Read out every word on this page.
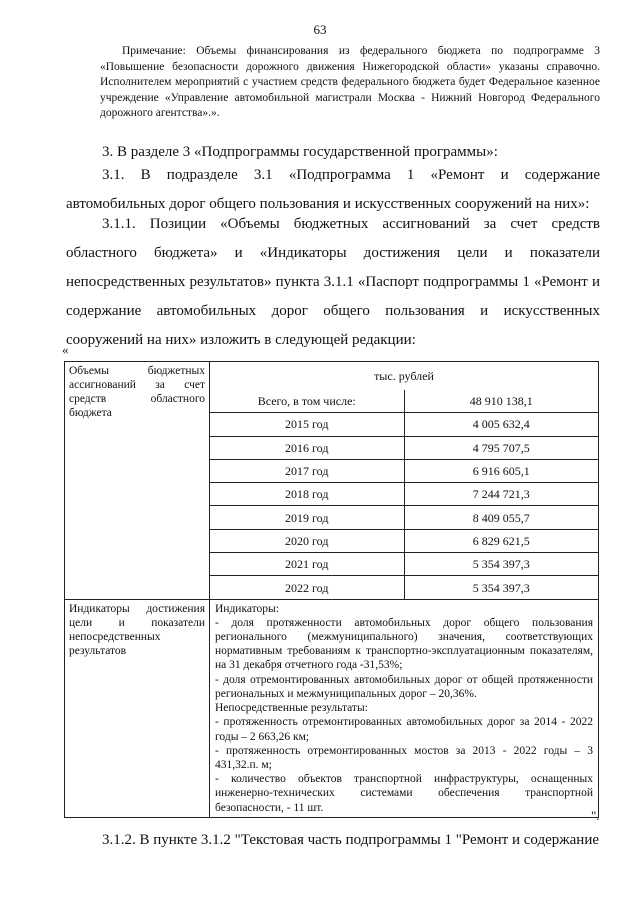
63
Примечание: Объемы финансирования из федерального бюджета по подпрограмме 3 «Повышение безопасности дорожного движения Нижегородской области» указаны справочно. Исполнителем мероприятий с участием средств федерального бюджета будет Федеральное казенное учреждение «Управление автомобильной магистрали Москва - Нижний Новгород Федерального дорожного агентства».».
3. В разделе 3 «Подпрограммы государственной программы»:
3.1. В подразделе 3.1 «Подпрограмма 1 «Ремонт и содержание автомобильных дорог общего пользования и искусственных сооружений на них»:
3.1.1. Позиции «Объемы бюджетных ассигнований за счет средств областного бюджета» и «Индикаторы достижения цели и показатели непосредственных результатов» пункта 3.1.1 «Паспорт подпрограммы 1 «Ремонт и содержание автомобильных дорог общего пользования и искусственных сооружений на них» изложить в следующей редакции:
«
Объемы бюджетных ассигнований за счет средств областного бюджета	
тыс. рублей
Всего, в том числе:	48 910 138,1
2015 год	4 005 632,4
2016 год	4 795 707,5
2017 год	6 916 605,1
2018 год	7 244 721,3
2019 год	8 409 055,7
2020 год	6 829 621,5
2021 год	5 354 397,3
2022 год	5 354 397,3

Индикаторы достижения цели и показатели непосредственных результатов	
Индикаторы:
- доля протяженности автомобильных дорог общего пользования регионального (межмуниципального) значения, соответствующих нормативным требованиям к транспортно-эксплуатационным показателям, на 31 декабря отчетного года -31,53%;
- доля отремонтированных автомобильных дорог от общей протяженности региональных и межмуниципальных дорог – 20,36%.
Непосредственные результаты:
- протяженность отремонтированных автомобильных дорог за 2014 - 2022 годы – 2 663,26 км;
- протяженность отремонтированных мостов за 2013 - 2022 годы – 3 431,32.п. м;
- количество объектов транспортной инфраструктуры, оснащенных инженерно-технических системами обеспечения транспортной безопасности, - 11 шт.
".
3.1.2. В пункте 3.1.2 "Текстовая часть подпрограммы 1 "Ремонт и содержание
